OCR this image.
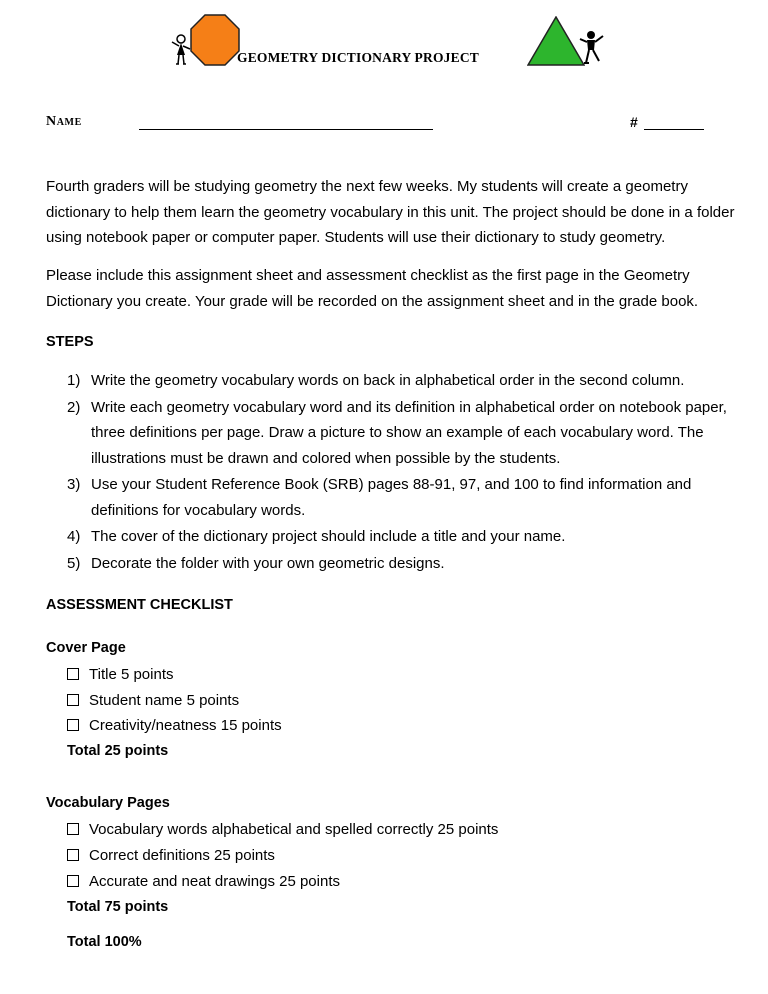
GEOMETRY DICTIONARY PROJECT
Name	#

Fourth graders will be studying geometry the next few weeks. My students will create a geometry dictionary to help them learn the geometry vocabulary in this unit. The project should be done in a folder using notebook paper or computer paper. Students will use their dictionary to study geometry.

Please include this assignment sheet and assessment checklist as the first page in the Geometry Dictionary you create. Your grade will be recorded on the assignment sheet and in the grade book.

STEPS

1) Write the geometry vocabulary words on back in alphabetical order in the second column.
2) Write each geometry vocabulary word and its definition in alphabetical order on notebook paper, three definitions per page. Draw a picture to show an example of each vocabulary word. The illustrations must be drawn and colored when possible by the students.
3) Use your Student Reference Book (SRB) pages 88-91, 97, and 100 to find information and definitions for vocabulary words.
4) The cover of the dictionary project should include a title and your name.
5) Decorate the folder with your own geometric designs.

ASSESSMENT CHECKLIST

Cover Page

Title 5 points
Student name 5 points
Creativity/neatness 15 points
Total 25 points

Vocabulary Pages

Vocabulary words alphabetical and spelled correctly 25 points
Correct definitions 25 points
Accurate and neat drawings 25 points
Total 75 points
Total 100%
